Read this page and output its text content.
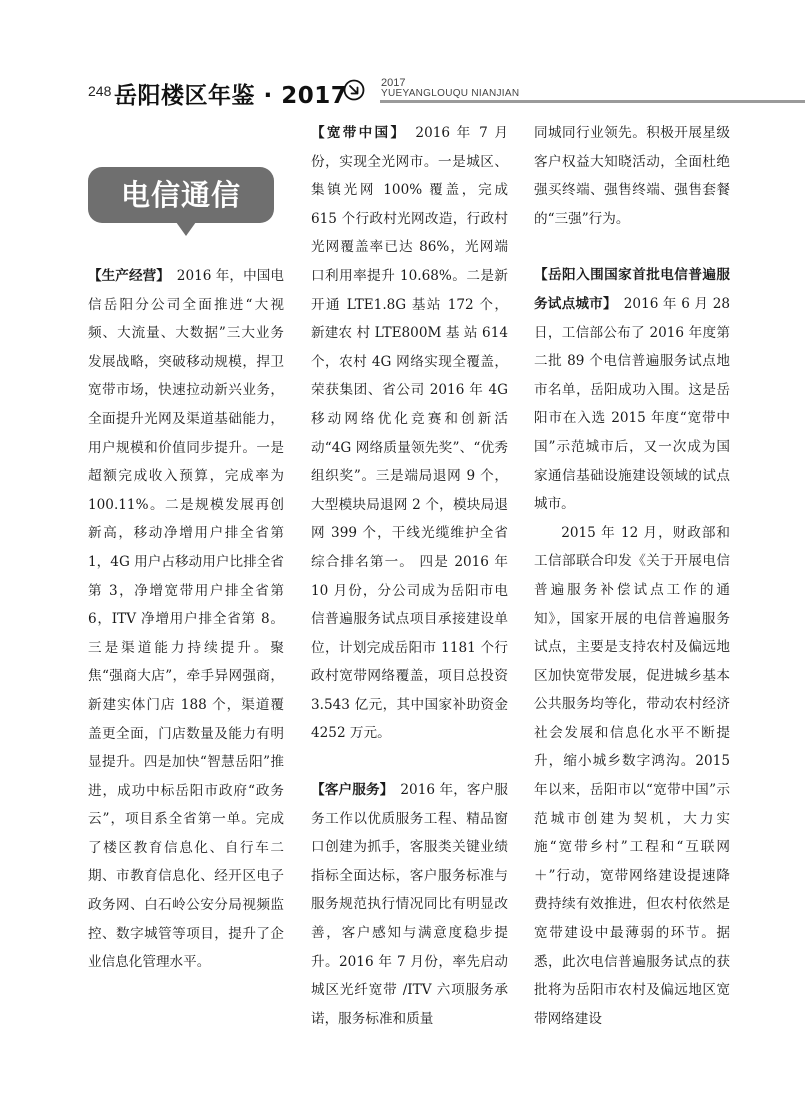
248 岳阳楼区年鉴 · 2017	2017
YUEYANGLOUQU NIANJIAN
电信通信

【生产经营】　 2016 年，中国电信岳阳分公司全面推进“大视频、大流量、大数据”三大业务发展战略，突破移动规模，捍卫宽带市场，快速拉动新兴业务，全面提升光网及渠道基础能力，用户规模和价值同步提升。一是超额完成收入预算，完成率为 100.11%。二是规模发展再创新高，移动净增用户排全省第 1，4G 用户占移动用户比排全省第 3，净增宽带用户排全省第 6，ITV 净增用户排全省第 8。三是渠道能力持续提升。聚焦“强商大店”，牵手异网强商，新建实体门店 188 个，渠道覆盖更全面，门店数量及能力有明显提升。四是加快“智慧岳阳”推进，成功中标岳阳市政府“政务云”，项目系全省第一单。完成了楼区教育信息化、自行车二期、市教育信息化、经开区电子政务网、白石岭公安分局视频监控、数字城管等项目，提升了企业信息化管理水平。

【宽带中国】　 2016 年 7 月份，实现全光网市。一是城区、集镇光网 100% 覆盖，完成 615 个行政村光网改造，行政村光网覆盖率已达 86%，光网端口利用率提升 10.68%。二是新开通 LTE1.8G 基站 172 个，新建农 村 LTE800M 基 站 614 个，农村 4G 网络实现全覆盖，荣获集团、省公司 2016 年 4G 移动网络优化竞赛和创新活动“4G 网络质量领先奖”、“优秀组织奖”。三是端局退网 9 个，大型模块局退网 2 个，模块局退网 399 个，干线光缆维护全省综合排名第一。 四是 2016 年 10 月份，分公司成为岳阳市电信普遍服务试点项目承接建设单位，计划完成岳阳市 1181 个行政村宽带网络覆盖，项目总投资 3.543 亿元，其中国家补助资金 4252 万元。

【客户服务】　 2016 年，客户服务工作以优质服务工程、精品窗口创建为抓手，客服类关键业绩指标全面达标，客户服务标准与服务规范执行情况同比有明显改善，客户感知与满意度稳步提升。2016 年 7 月份，率先启动城区光纤宽带 /ITV 六项服务承诺，服务标准和质量

同城同行业领先。积极开展星级客户权益大知晓活动，全面杜绝强买终端、强售终端、强售套餐的“三强”行为。

【岳阳入围国家首批电信普遍服务试点城市】　 2016 年 6 月 28 日，工信部公布了 2016 年度第二批 89 个电信普遍服务试点地市名单，岳阳成功入围。这是岳阳市在入选 2015 年度“宽带中国”示范城市后，又一次成为国家通信基础设施建设领域的试点城市。

2015 年 12 月，财政部和工信部联合印发《关于开展电信普遍服务补偿试点工作的通知》，国家开展的电信普遍服务试点，主要是支持农村及偏远地区加快宽带发展，促进城乡基本公共服务均等化，带动农村经济社会发展和信息化水平不断提升，缩小城乡数字鸿沟。2015 年以来，岳阳市以“宽带中国”示范城市创建为契机，大力实施“宽带乡村”工程和“互联网＋”行动，宽带网络建设提速降费持续有效推进，但农村依然是宽带建设中最薄弱的环节。据悉，此次电信普遍服务试点的获批将为岳阳市农村及偏远地区宽带网络建设
